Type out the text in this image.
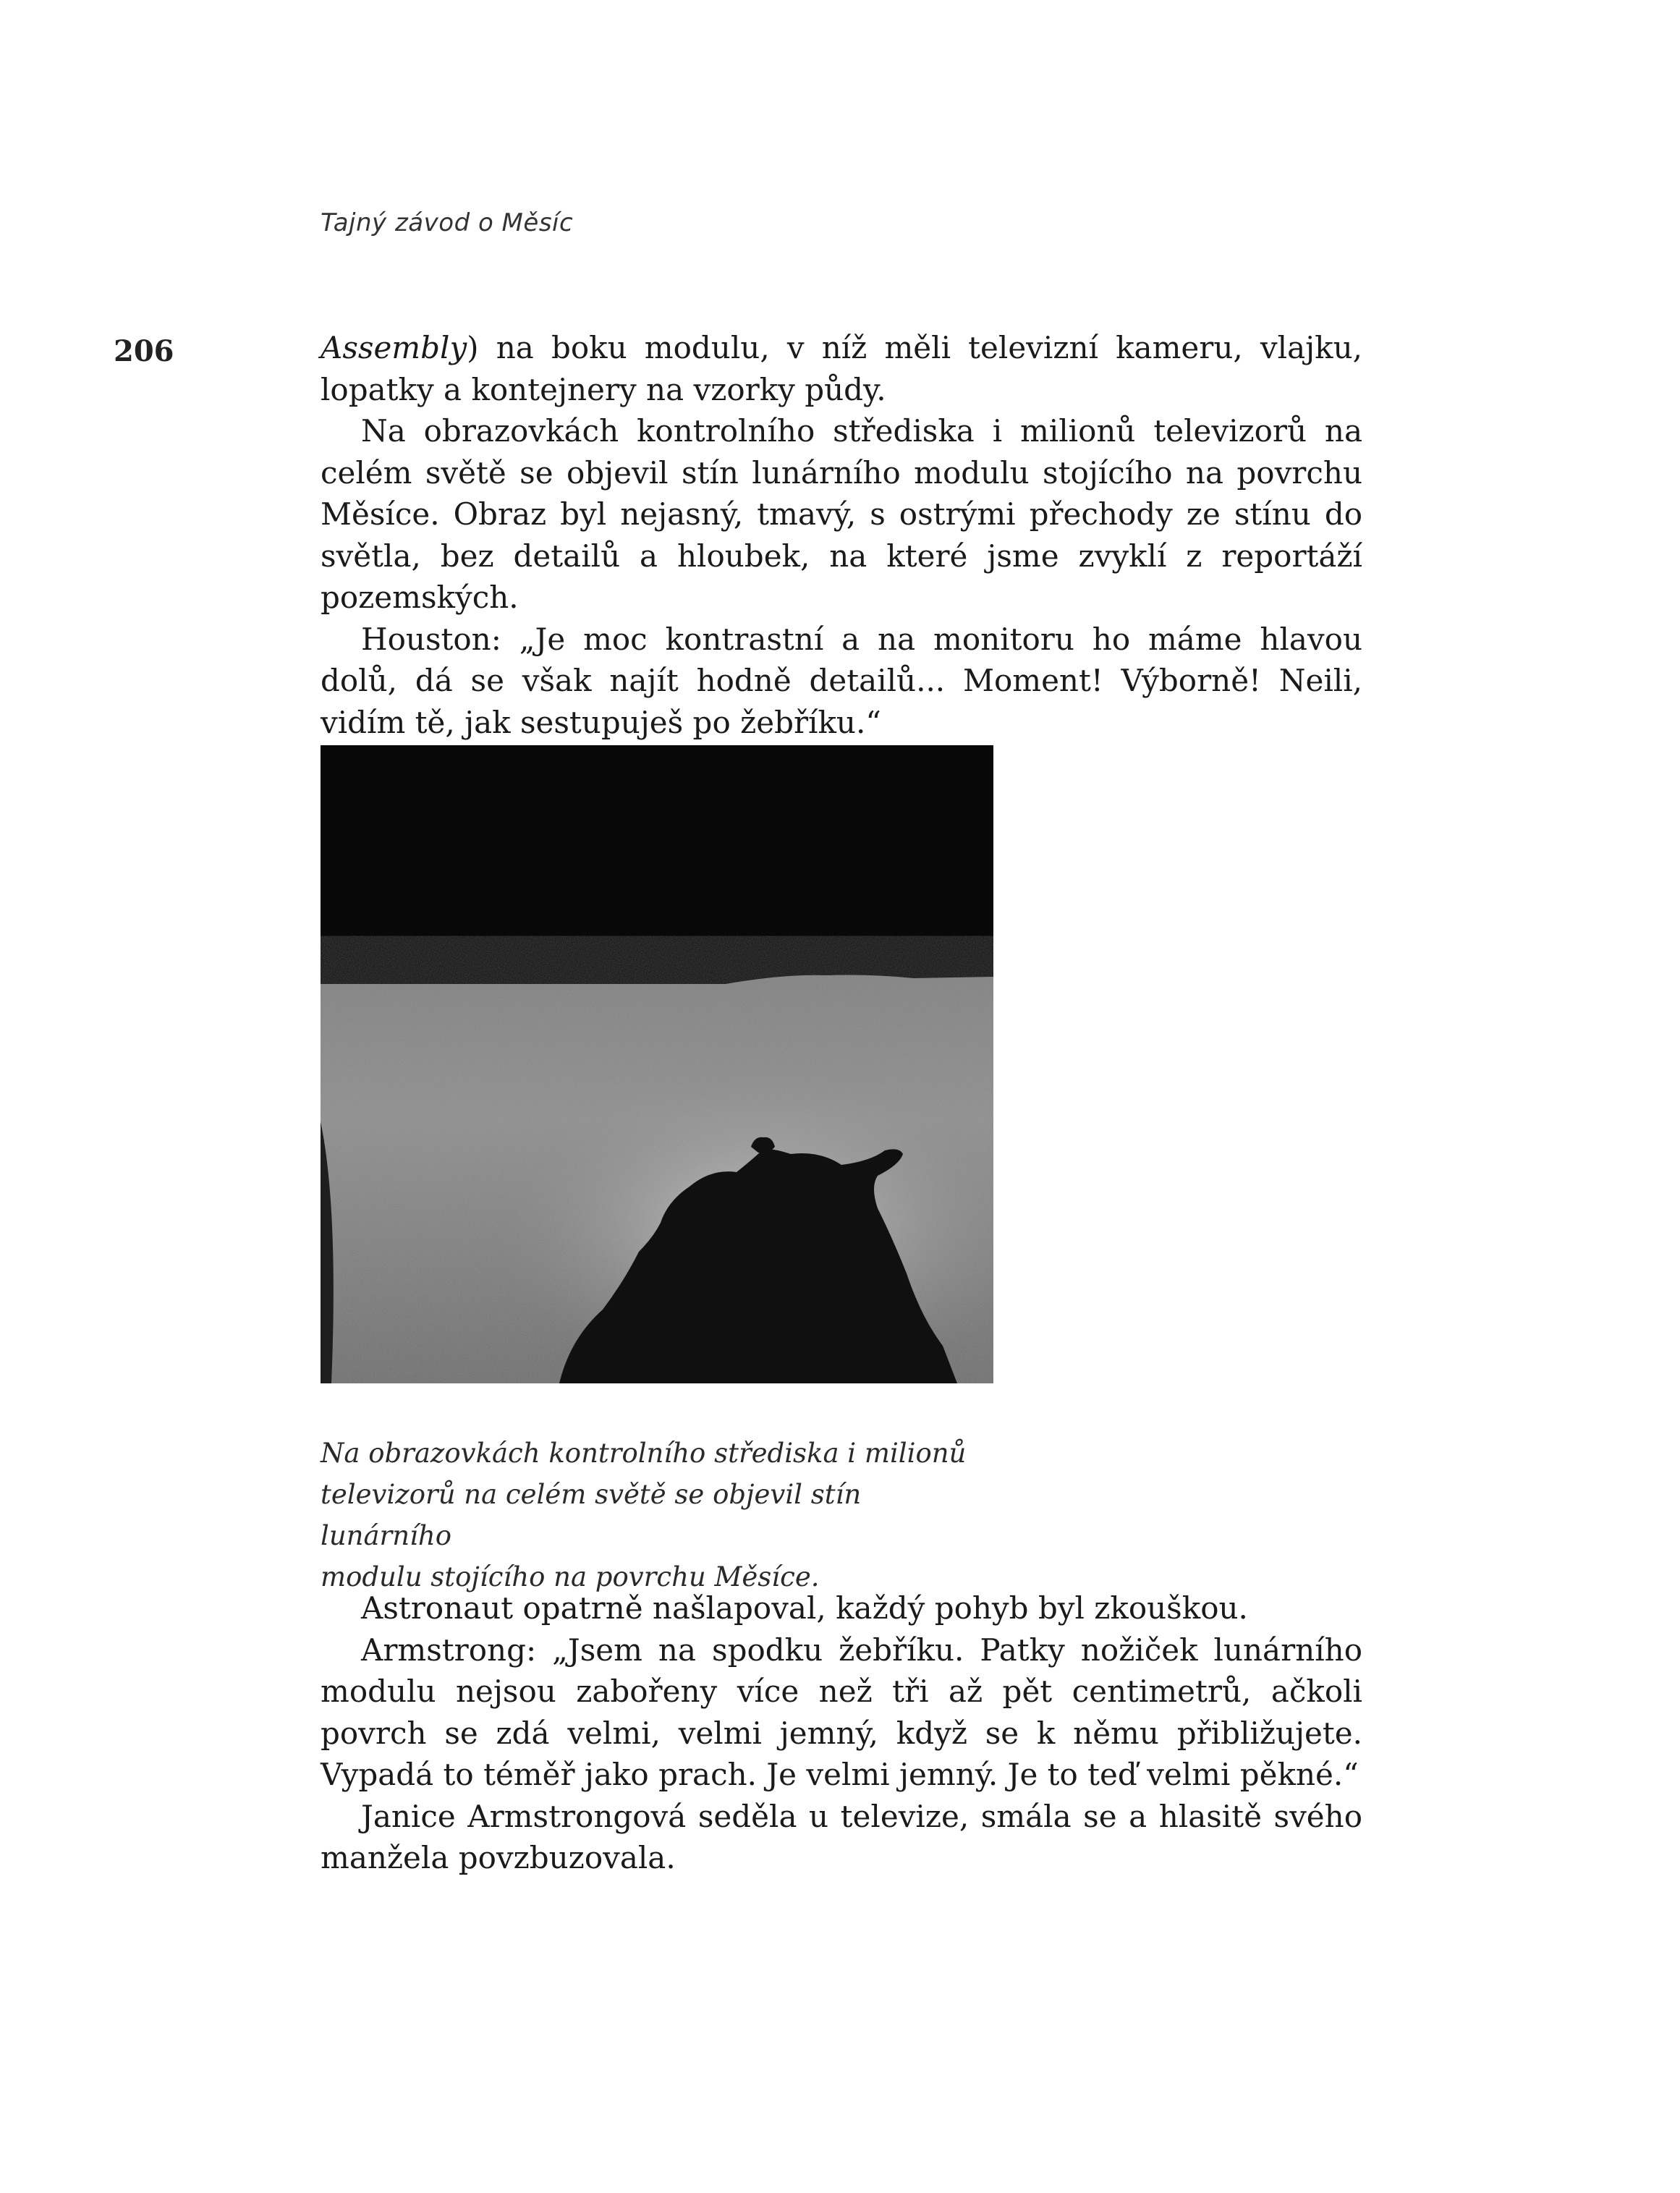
Tajný závod o Měsíc
206	Assembly) na boku modulu, v níž měli televizní kameru, vlajku, lopatky a kontejnery na vzorky půdy.

Na obrazovkách kontrolního střediska i milionů televizorů na celém světě se objevil stín lunárního modulu stojícího na povrchu Měsíce. Obraz byl nejasný, tmavý, s ostrými přechody ze stínu do světla, bez detailů a hloubek, na které jsme zvyklí z reportáží pozemských.

Houston: „Je moc kontrastní a na monitoru ho máme hlavou dolů, dá se však najít hodně detailů... Moment! Výborně! Neili, vidím tě, jak sestupuješ po žebříku.“

Na obrazovkách kontrolního střediska i milionů
televizorů na celém světě se objevil stín lunárního
modulu stojícího na povrchu Měsíce.

Astronaut opatrně našlapoval, každý pohyb byl zkouškou.

Armstrong: „Jsem na spodku žebříku. Patky nožiček lunárního modulu nejsou zabořeny více než tři až pět centimetrů, ačkoli povrch se zdá velmi, velmi jemný, když se k němu přibližujete. Vypadá to téměř jako prach. Je velmi jemný. Je to teď velmi pěkné.“

Janice Armstrongová seděla u televize, smála se a hlasitě svého manžela povzbuzovala.
